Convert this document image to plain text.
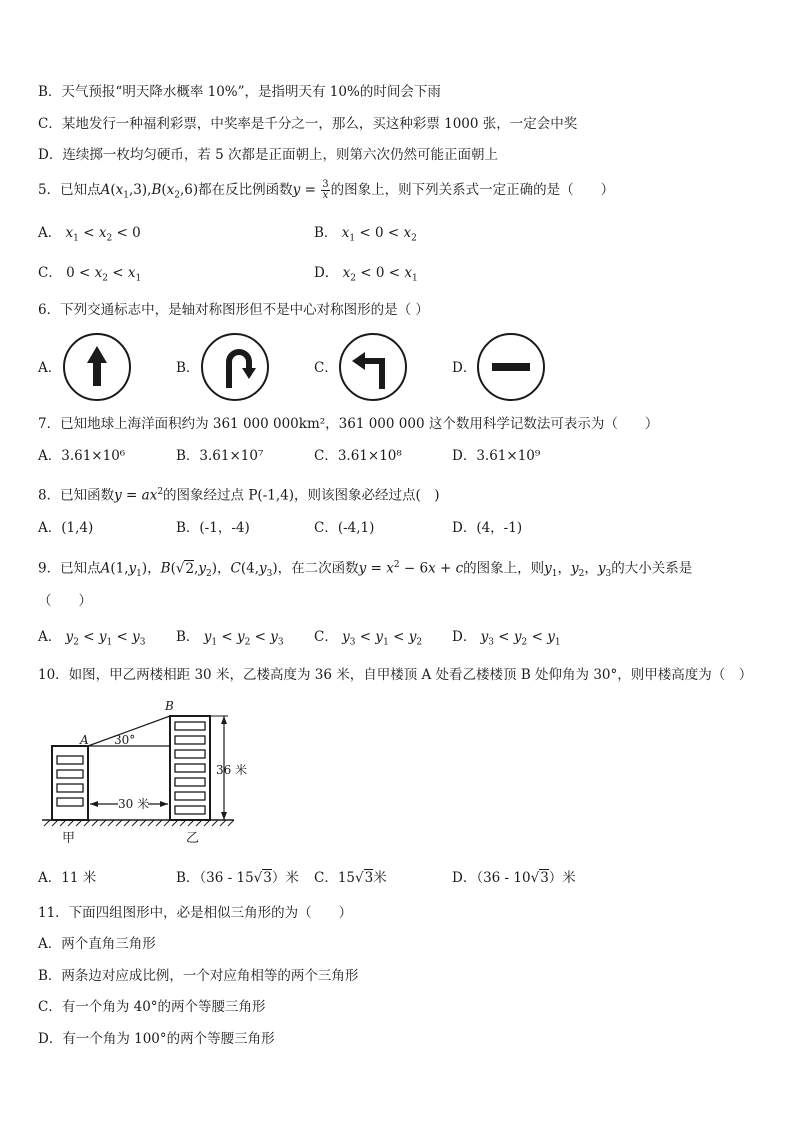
B．天气预报“明天降水概率 10%”，是指明天有 10%的时间会下雨
C．某地发行一种福利彩票，中奖率是千分之一，那么，买这种彩票 1000 张，一定会中奖
D．连续掷一枚均匀硬币，若 5 次都是正面朝上，则第六次仍然可能正面朝上
5．已知点$A(x_1,3),B(x_2,6)$都在反比例函数$y = \frac{3}{x}$ 的图象上，则下列关系式一定正确的是（　　）
A． $x_1 < x_2 < 0$	B． $x_1 < 0 < x_2$
C． $0 < x_2 < x_1$	D． $x_2 < 0 < x_1$
6．下列交通标志中，是轴对称图形但不是中心对称图形的是（ ）
A．	B．	C．	D．
7．已知地球上海洋面积约为 361 000 000km²，361 000 000 这个数用科学记数法可表示为（　　）
A．3.61×10⁶	B．3.61×10⁷	C．3.61×10⁸	D．3.61×10⁹
8．已知函数$y = ax^2$的图象经过点 P(-1,4)，则该图象必经过点(　)
A．(1,4)	B．(-1，-4)	C．(-4,1)	D．(4，-1)
9．已知点$A(1,y_1)$，$B(√2,y_2)$，$C(4,y_3)$，在二次函数$y = x^2 - 6x + c$的图象上，则$y_1$，$y_2$，$y_3$的大小关系是
（　　）
A． $y_2 < y_1 < y_3$ B． $y_1 < y_2 < y_3$ C． $y_3 < y_1 < y_2$ D． $y_3 < y_2 < y_1$
10．如图，甲乙两楼相距 30 米，乙楼高度为 36 米，自甲楼顶 A 处看乙楼楼顶 B 处仰角为 30°，则甲楼高度为（　）
A
B
30°
36 米
30 米
甲	乙
A．11 米	B．（36 - 15√3）米 C．15√3米	D．（36 - 10√3）米
11．下面四组图形中，必是相似三角形的为（　　）
A．两个直角三角形
B．两条边对应成比例，一个对应角相等的两个三角形
C．有一个角为 40°的两个等腰三角形
D．有一个角为 100°的两个等腰三角形
